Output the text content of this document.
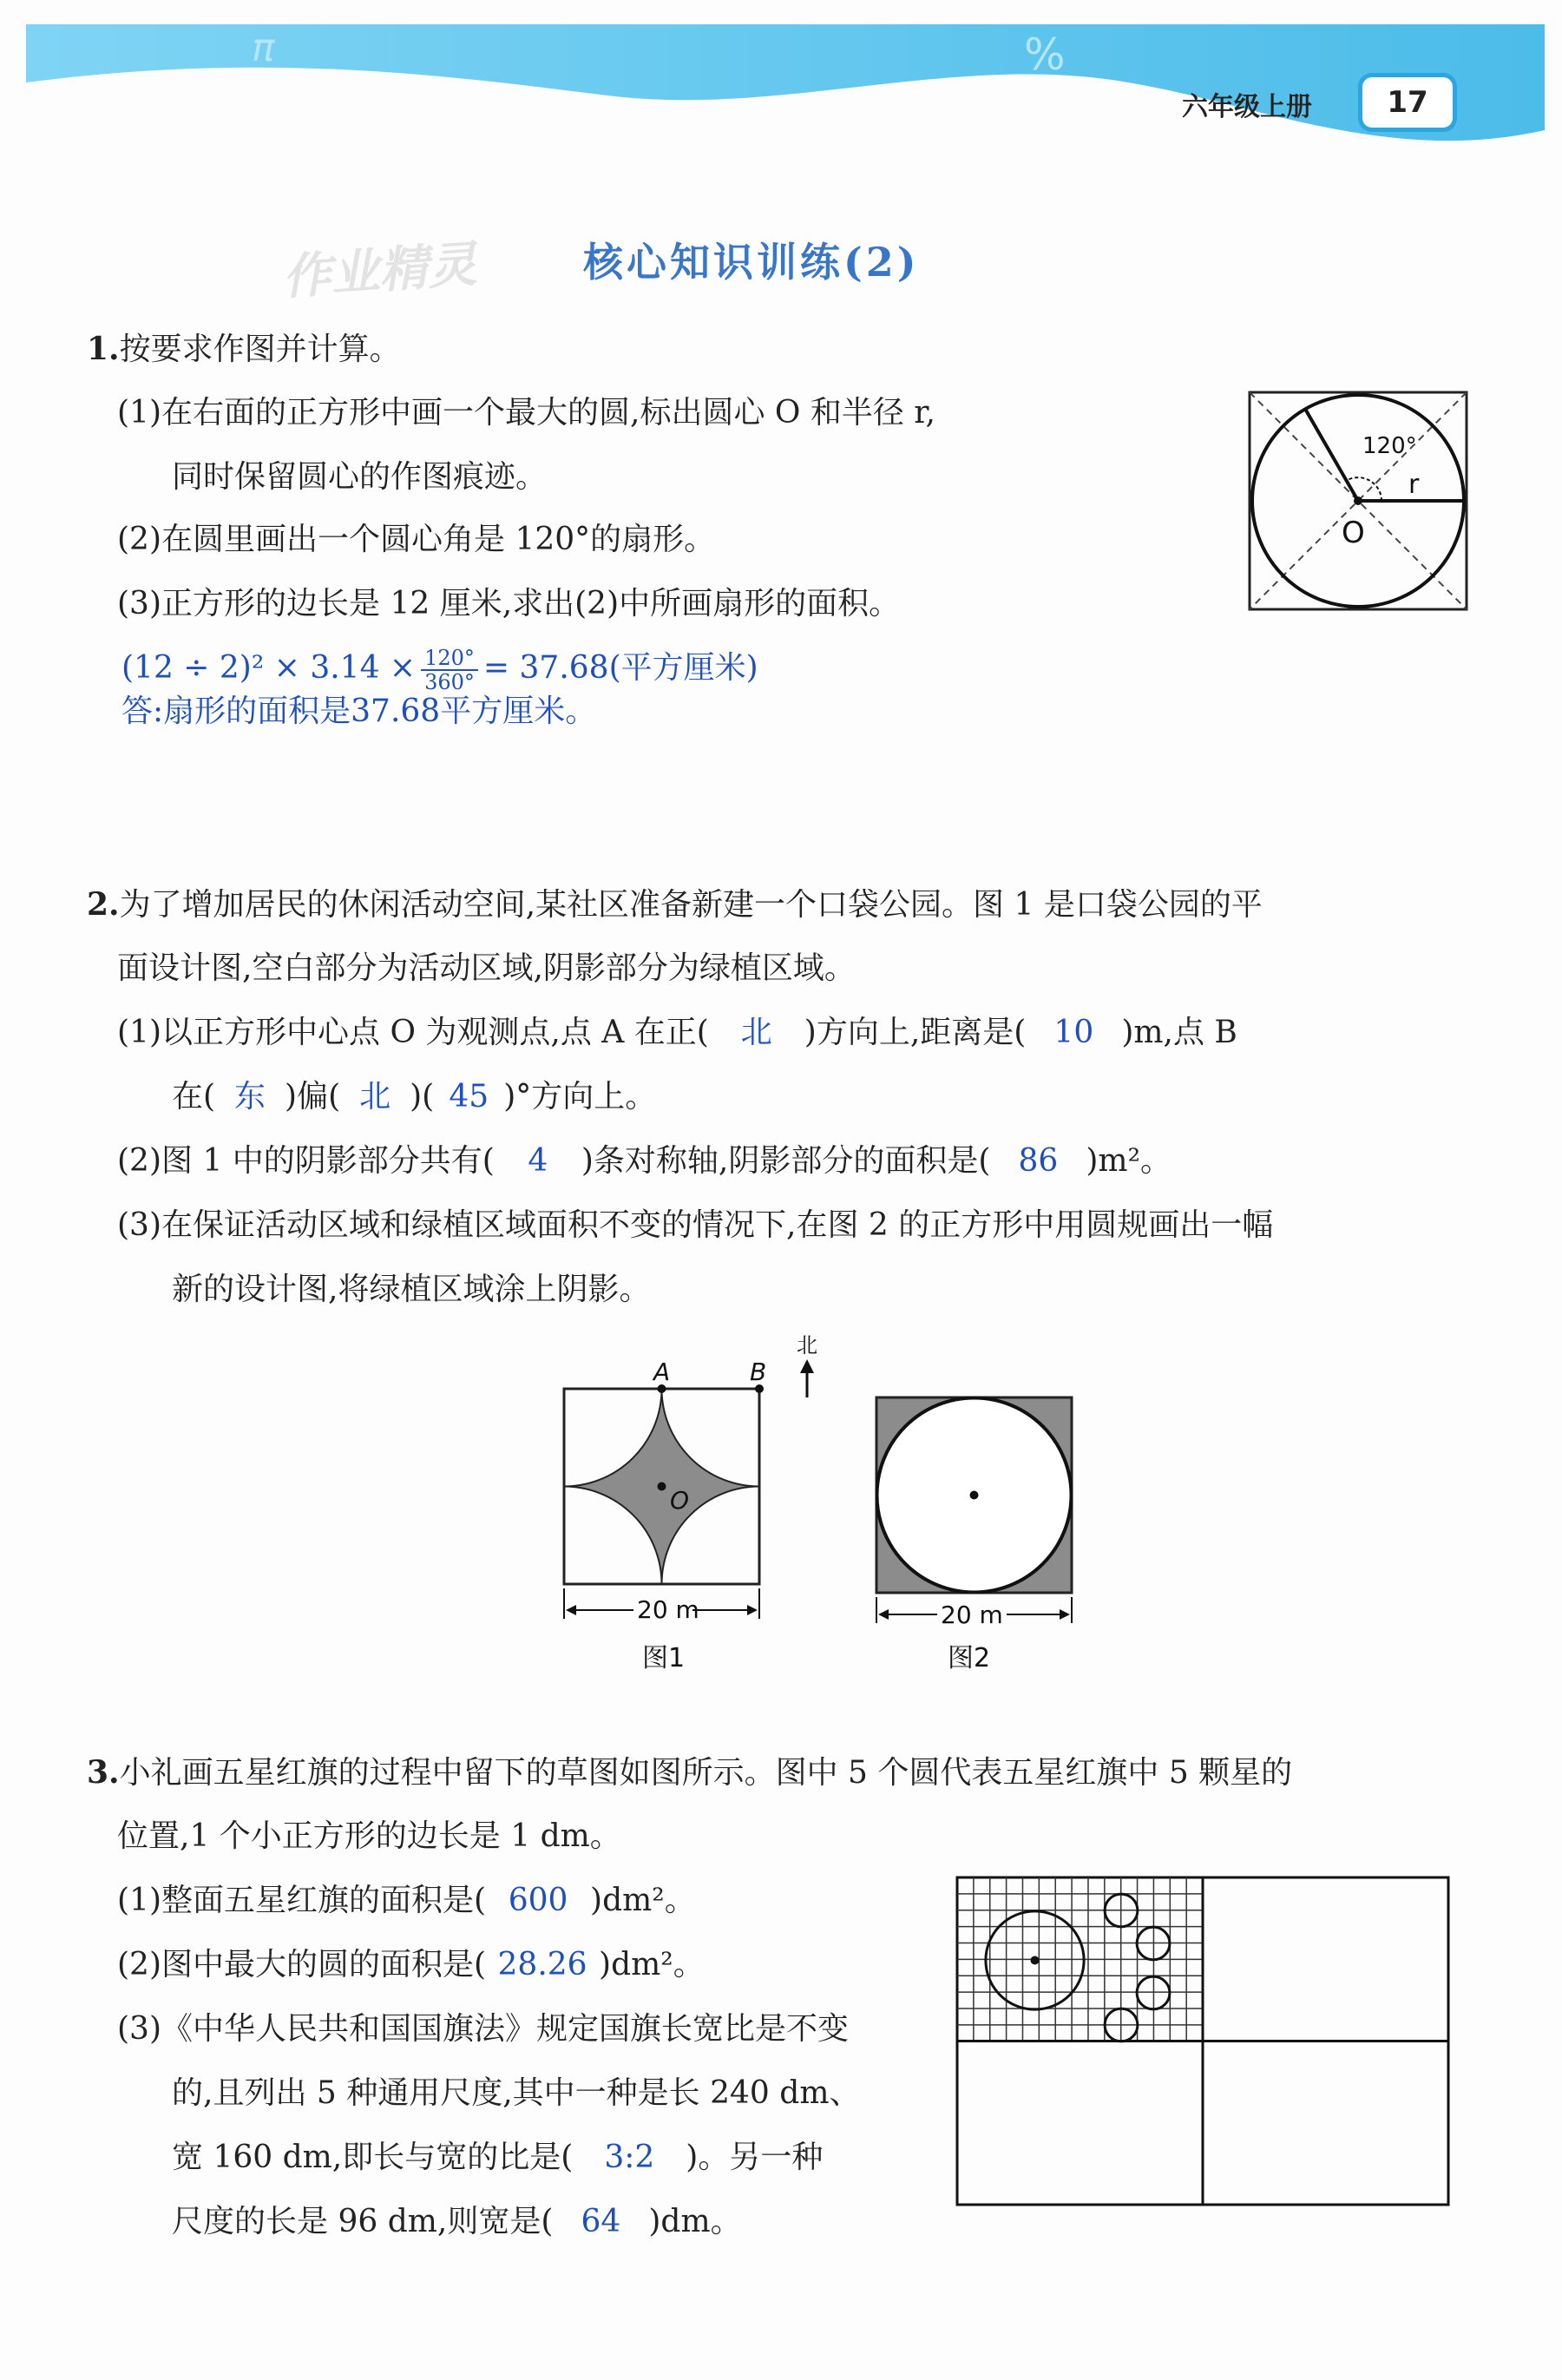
π	%
六年级上册	17
作业精灵	核心知识训练(2)
1.按要求作图并计算。
(1)在右面的正方形中画一个最大的圆,标出圆心 O 和半径 r,
同时保留圆心的作图痕迹。
(2)在圆里画出一个圆心角是 120°的扇形。
(3)正方形的边长是 12 厘米,求出(2)中所画扇形的面积。
$(12 \div 2)^2 \times 3.14 \times \frac{120^\circ}{360^\circ} = 37.68$(平方厘米)
答:扇形的面积是37.68平方厘米。
120°
r
O
2.为了增加居民的休闲活动空间,某社区准备新建一个口袋公园。图 1 是口袋公园的平
面设计图,空白部分为活动区域,阴影部分为绿植区域。
(1)以正方形中心点 O 为观测点,点 A 在正( 北 )方向上,距离是( 10 )m,点 B
在( 东 )偏( 北 )( 45 )°方向上。
(2)图 1 中的阴影部分共有( 4 )条对称轴,阴影部分的面积是( 86 )m²。
(3)在保证活动区域和绿植区域面积不变的情况下,在图 2 的正方形中用圆规画出一幅
新的设计图,将绿植区域涂上阴影。
A	B
O
北
20 m
图1
20 m
图2
3.小礼画五星红旗的过程中留下的草图如图所示。图中 5 个圆代表五星红旗中 5 颗星的
位置,1 个小正方形的边长是 1 dm。
(1)整面五星红旗的面积是( 600 )dm²。
(2)图中最大的圆的面积是( 28.26 )dm²。
(3)《中华人民共和国国旗法》规定国旗长宽比是不变
的,且列出 5 种通用尺度,其中一种是长 240 dm、
宽 160 dm,即长与宽的比是( 3:2 )。另一种
尺度的长是 96 dm,则宽是( 64 )dm。
